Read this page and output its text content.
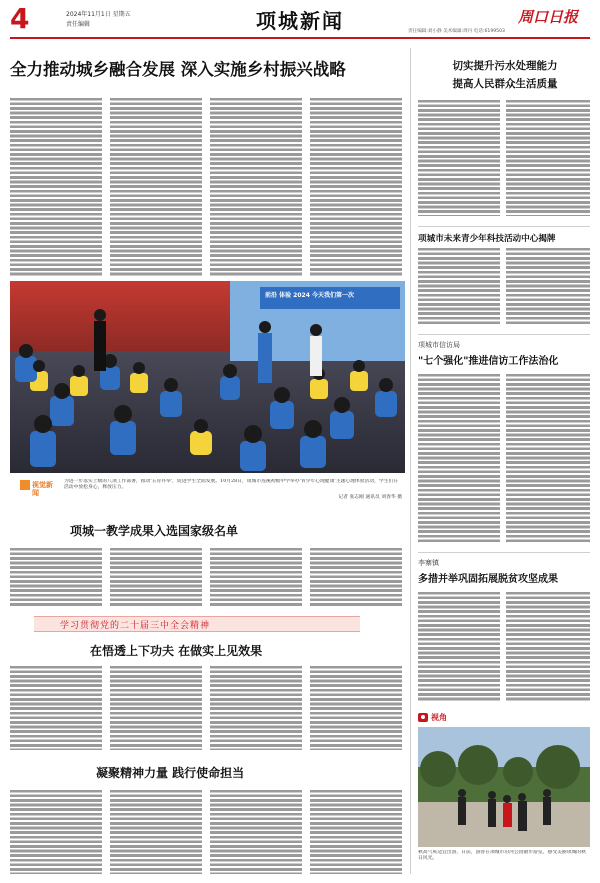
4	2024年11月1日 星期五
责任编辑	项城新闻	周口日报
责任编辑:刘小静 美术编辑:周丹 电话:6199503
全力推动城乡融合发展 深入实施乡村振兴战略
前沿 体验 2024 今天我们第一次
视觉新闻
为进一步落实上级的八项工作部署，推动'五育并举'，促进学生全面发展。10月28日，项城市莲溪初级中学举办'青少年心理健康'主题心理体验活动，学生们在活动中放松身心，释放压力。
记者 张志刚 通讯员 刘春华 摄
项城一教学成果入选国家级名单
学习贯彻党的二十届三中全会精神
在悟透上下功夫 在做实上见效果
凝聚精神力量 践行使命担当
切实提升污水处理能力
提高人民群众生活质量
项城市未来青少年科技活动中心揭牌
项城市信访局
"七个强化"推进信访工作法治化
李寨镇
多措并举巩固拓展脱贫攻坚成果
视角
秋高气爽适宜出游，日前，游客在项城市汾河公园散步游览，感受美丽项城的秋日风光。
